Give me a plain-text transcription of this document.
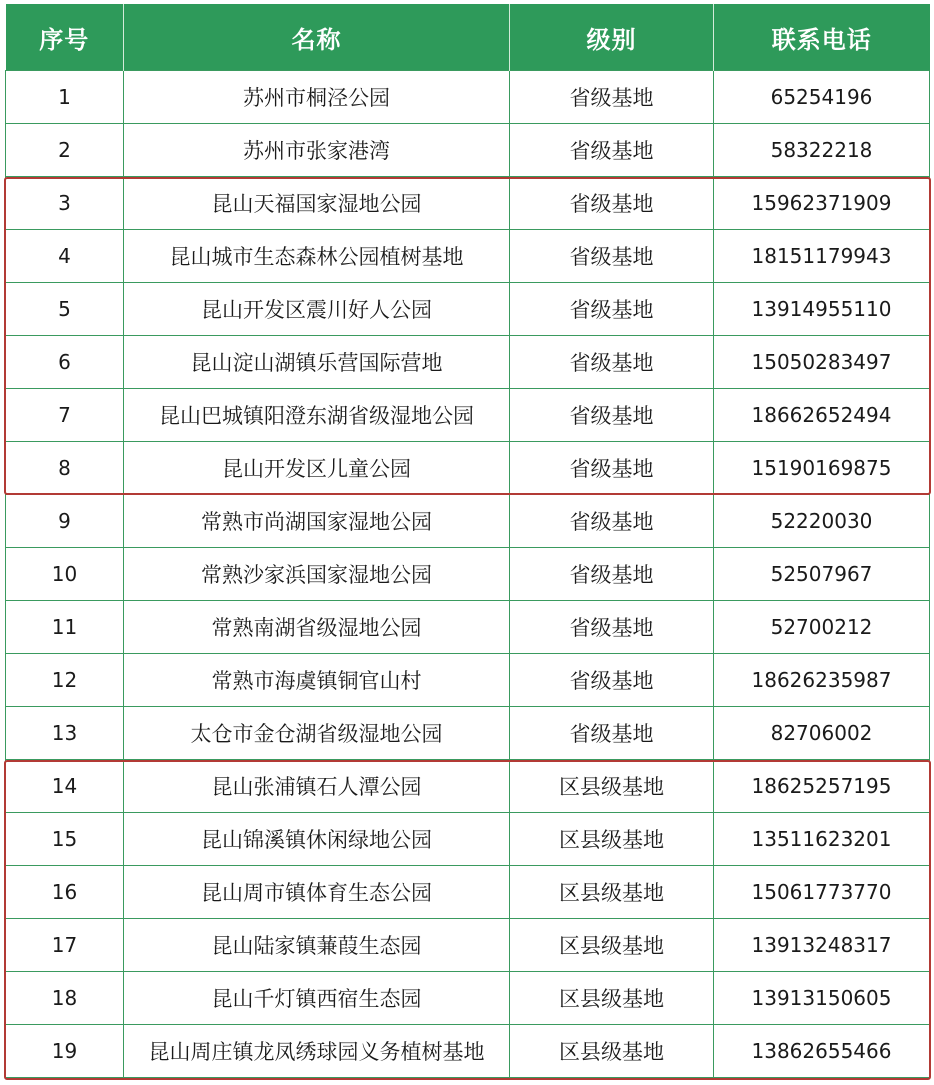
序号	名称	级别	联系电话
1	苏州市桐泾公园	省级基地	65254196
2	苏州市张家港湾	省级基地	58322218
3	昆山天福国家湿地公园	省级基地	15962371909
4	昆山城市生态森林公园植树基地	省级基地	18151179943
5	昆山开发区震川好人公园	省级基地	13914955110
6	昆山淀山湖镇乐营国际营地	省级基地	15050283497
7	昆山巴城镇阳澄东湖省级湿地公园	省级基地	18662652494
8	昆山开发区儿童公园	省级基地	15190169875
9	常熟市尚湖国家湿地公园	省级基地	52220030
10	常熟沙家浜国家湿地公园	省级基地	52507967
11	常熟南湖省级湿地公园	省级基地	52700212
12	常熟市海虞镇铜官山村	省级基地	18626235987
13	太仓市金仓湖省级湿地公园	省级基地	82706002
14	昆山张浦镇石人潭公园	区县级基地	18625257195
15	昆山锦溪镇休闲绿地公园	区县级基地	13511623201
16	昆山周市镇体育生态公园	区县级基地	15061773770
17	昆山陆家镇蒹葭生态园	区县级基地	13913248317
18	昆山千灯镇西宿生态园	区县级基地	13913150605
19	昆山周庄镇龙凤绣球园义务植树基地	区县级基地	13862655466
